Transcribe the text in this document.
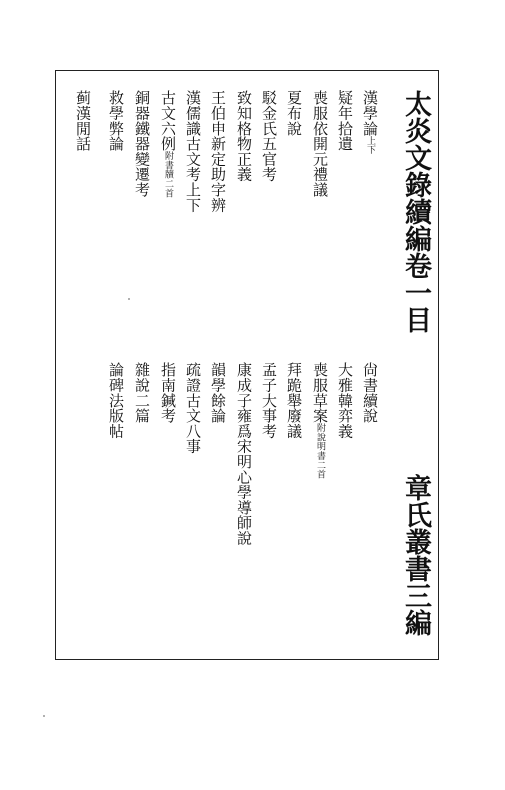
太炎文錄續編卷一目
章氏叢書三編
漢學論上下
疑年拾遺
喪服依開元禮議
夏布說
駁金氏五官考
致知格物正義
王伯申新定助字辨
漢儒識古文考上下
古文六例附書牘二首
銅器鐵器變遷考
救學弊論
蓟漢閒話
尙書續說
大雅韓弈義
喪服草案附說明書二首
拜跪舉廢議
孟子大事考
康成子雍爲宋明心學導師說
韻學餘論
疏證古文八事
指南鍼考
雜說二篇
論碑法版帖
